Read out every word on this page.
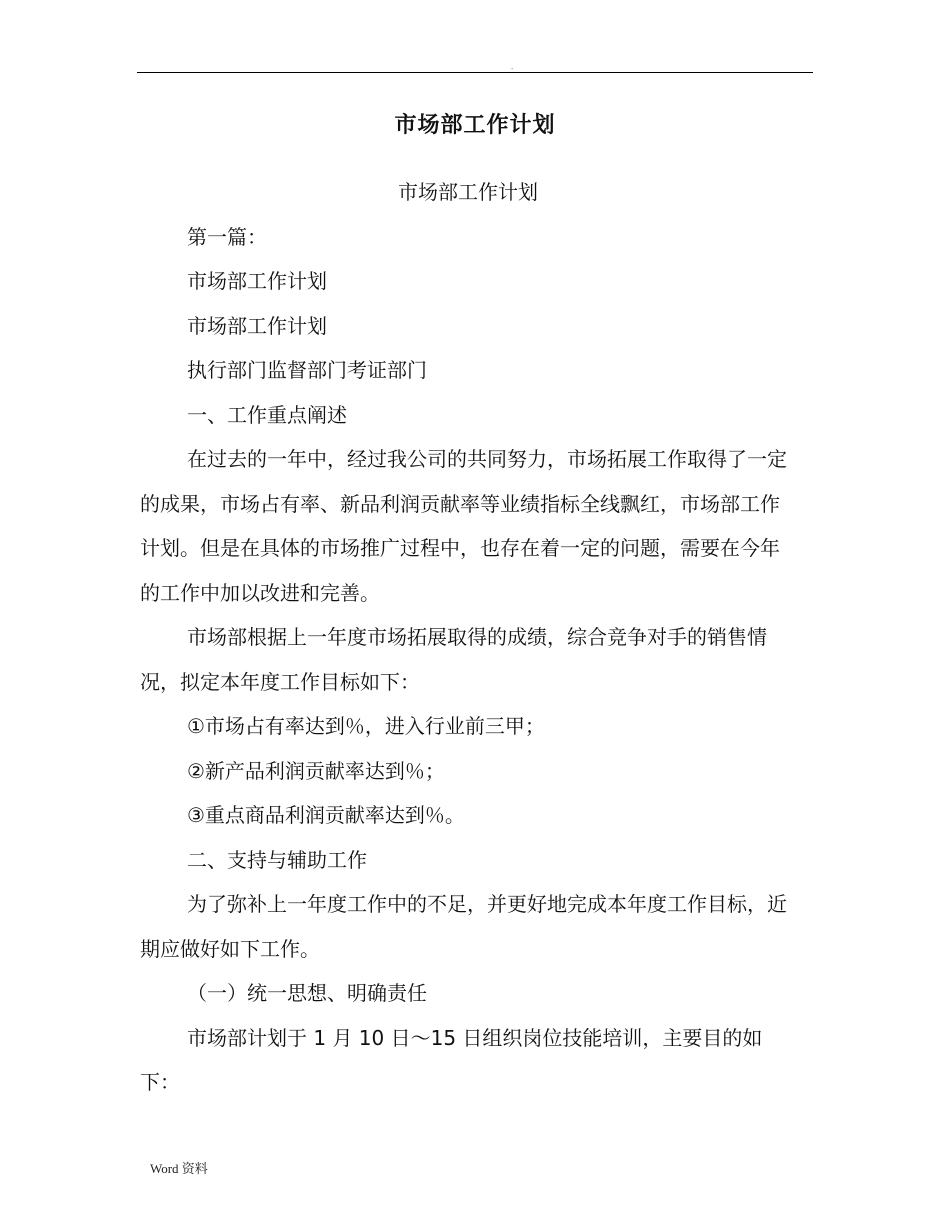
.
市场部工作计划

市场部工作计划

第一篇：

市场部工作计划

市场部工作计划

执行部门监督部门考证部门

一、工作重点阐述

在过去的一年中，经过我公司的共同努力，市场拓展工作取得了一定的成果，市场占有率、新品利润贡献率等业绩指标全线飘红，市场部工作计划。但是在具体的市场推广过程中，也存在着一定的问题，需要在今年的工作中加以改进和完善。

市场部根据上一年度市场拓展取得的成绩，综合竞争对手的销售情况，拟定本年度工作目标如下：

①市场占有率达到％，进入行业前三甲；

②新产品利润贡献率达到％；

③重点商品利润贡献率达到％。

二、支持与辅助工作

为了弥补上一年度工作中的不足，并更好地完成本年度工作目标，近期应做好如下工作。

（一）统一思想、明确责任

市场部计划于 1 月 10 日～15 日组织岗位技能培训，主要目的如下：

Word 资料
